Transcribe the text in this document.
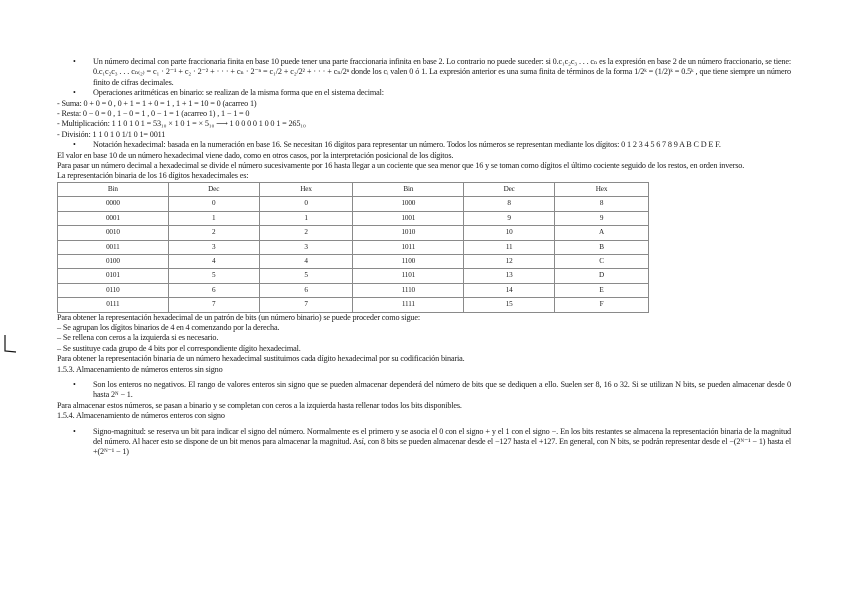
• Un número decimal con parte fraccionaria finita en base 10 puede tener una parte fraccionaria infinita en base 2. Lo contrario no puede suceder: si 0.c₁c₂c₃ . . . cₙ es la expresión en base 2 de un número fraccionario, se tiene: 0.c₁c₂c₃ . . . cₙ₍₂₎ = c₁ · 2⁻¹ + c₂ · 2⁻² + · · · + cₙ · 2⁻ⁿ = c₁/2 + c₂/2² + · · · + cₙ/2ⁿ donde los cᵢ valen 0 ó 1. La expresión anterior es una suma finita de términos de la forma 1/2ᵏ = (1/2)ᵏ = 0.5ᵏ , que tiene siempre un número finito de cifras decimales.
• Operaciones aritméticas en binario: se realizan de la misma forma que en el sistema decimal:

- Suma: 0 + 0 = 0 , 0 + 1 = 1 + 0 = 1 , 1 + 1 = 10 = 0 (acarreo 1)

- Resta: 0 − 0 = 0 , 1 − 0 = 1 , 0 − 1 = 1 (acarreo 1) , 1 − 1 = 0

- Multiplicación: 1 1 0 1 0 1 = 53₁₀ × 1 0 1 = × 5₁₀ ⟶ 1 0 0 0 0 1 0 0 1 = 265₁₀

- División: 1 1 0 1 0 1/1 0 1= 0011

• Notación hexadecimal: basada en la numeración en base 16. Se necesitan 16 dígitos para representar un número. Todos los números se representan mediante los dígitos: 0 1 2 3 4 5 6 7 8 9 A B C D E F.

El valor en base 10 de un número hexadecimal viene dado, como en otros casos, por la interpretación posicional de los dígitos.

Para pasar un número decimal a hexadecimal se divide el número sucesivamente por 16 hasta llegar a un cociente que sea menor que 16 y se toman como dígitos el último cociente seguido de los restos, en orden inverso.

La representación binaria de los 16 dígitos hexadecimales es:

Bin	Dec	Hex	Bin	Dec	Hex
0000	0	0	1000	8	8
0001	1	1	1001	9	9
0010	2	2	1010	10	A
0011	3	3	1011	11	B
0100	4	4	1100	12	C
0101	5	5	1101	13	D
0110	6	6	1110	14	E
0111	7	7	1111	15	F

Para obtener la representación hexadecimal de un patrón de bits (un número binario) se puede proceder como sigue:

– Se agrupan los dígitos binarios de 4 en 4 comenzando por la derecha.

– Se rellena con ceros a la izquierda si es necesario.

– Se sustituye cada grupo de 4 bits por el correspondiente dígito hexadecimal.

Para obtener la representación binaria de un número hexadecimal sustituimos cada dígito hexadecimal por su codificación binaria.

1.5.3. Almacenamiento de números enteros sin signo

• Son los enteros no negativos. El rango de valores enteros sin signo que se pueden almacenar dependerá del número de bits que se dediquen a ello. Suelen ser 8, 16 o 32. Si se utilizan N bits, se pueden almacenar desde 0 hasta 2ᴺ − 1.

Para almacenar estos números, se pasan a binario y se completan con ceros a la izquierda hasta rellenar todos los bits disponibles.

1.5.4. Almacenamiento de números enteros con signo

• Signo-magnitud: se reserva un bit para indicar el signo del número. Normalmente es el primero y se asocia el 0 con el signo + y el 1 con el signo −. En los bits restantes se almacena la representación binaria de la magnitud del número. Al hacer esto se dispone de un bit menos para almacenar la magnitud. Así, con 8 bits se pueden almacenar desde el −127 hasta el +127. En general, con N bits, se podrán representar desde el −(2ᴺ⁻¹ − 1) hasta el +(2ᴺ⁻¹ − 1)
